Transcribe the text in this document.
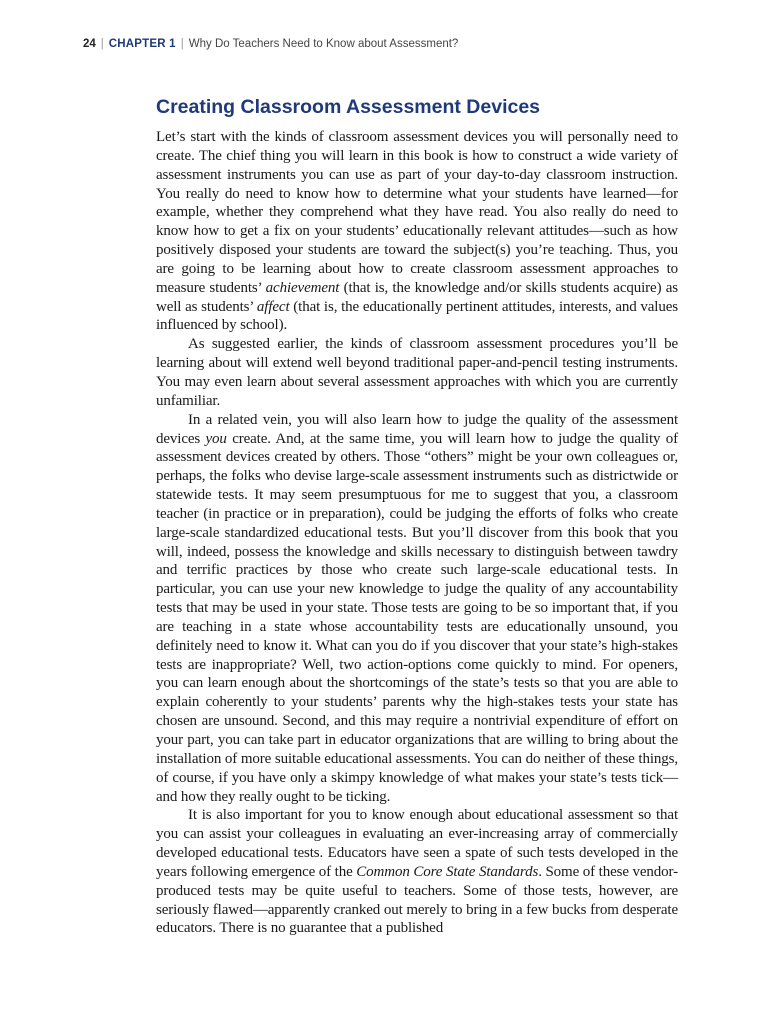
24 | CHAPTER 1 | Why Do Teachers Need to Know about Assessment?
Creating Classroom Assessment Devices

Let’s start with the kinds of classroom assessment devices you will personally need to create. The chief thing you will learn in this book is how to construct a wide variety of assessment instruments you can use as part of your day-to-day classroom instruction. You really do need to know how to determine what your students have learned—for example, whether they comprehend what they have read. You also really do need to know how to get a fix on your students’ educationally relevant attitudes—such as how positively disposed your students are toward the subject(s) you’re teaching. Thus, you are going to be learning about how to create classroom assessment approaches to measure students’ achievement (that is, the knowledge and/or skills students acquire) as well as students’ affect (that is, the educationally pertinent attitudes, interests, and values influenced by school).

As suggested earlier, the kinds of classroom assessment procedures you’ll be learning about will extend well beyond traditional paper-and-pencil testing instruments. You may even learn about several assessment approaches with which you are currently unfamiliar.

In a related vein, you will also learn how to judge the quality of the assessment devices you create. And, at the same time, you will learn how to judge the quality of assessment devices created by others. Those “others” might be your own colleagues or, perhaps, the folks who devise large-scale assessment instruments such as districtwide or statewide tests. It may seem presumptuous for me to suggest that you, a classroom teacher (in practice or in preparation), could be judging the efforts of folks who create large-scale standardized educational tests. But you’ll discover from this book that you will, indeed, possess the knowledge and skills necessary to distinguish between tawdry and terrific practices by those who create such large-scale educational tests. In particular, you can use your new knowledge to judge the quality of any accountability tests that may be used in your state. Those tests are going to be so important that, if you are teaching in a state whose accountability tests are educationally unsound, you definitely need to know it. What can you do if you discover that your state’s high-stakes tests are inappropriate? Well, two action-options come quickly to mind. For openers, you can learn enough about the shortcomings of the state’s tests so that you are able to explain coherently to your students’ parents why the high-stakes tests your state has chosen are unsound. Second, and this may require a nontrivial expenditure of effort on your part, you can take part in educator organizations that are willing to bring about the installation of more suitable educational assessments. You can do neither of these things, of course, if you have only a skimpy knowledge of what makes your state’s tests tick—and how they really ought to be ticking.

It is also important for you to know enough about educational assessment so that you can assist your colleagues in evaluating an ever-increasing array of commercially developed educational tests. Educators have seen a spate of such tests developed in the years following emergence of the Common Core State Standards. Some of these vendor-produced tests may be quite useful to teachers. Some of those tests, however, are seriously flawed—apparently cranked out merely to bring in a few bucks from desperate educators. There is no guarantee that a published
